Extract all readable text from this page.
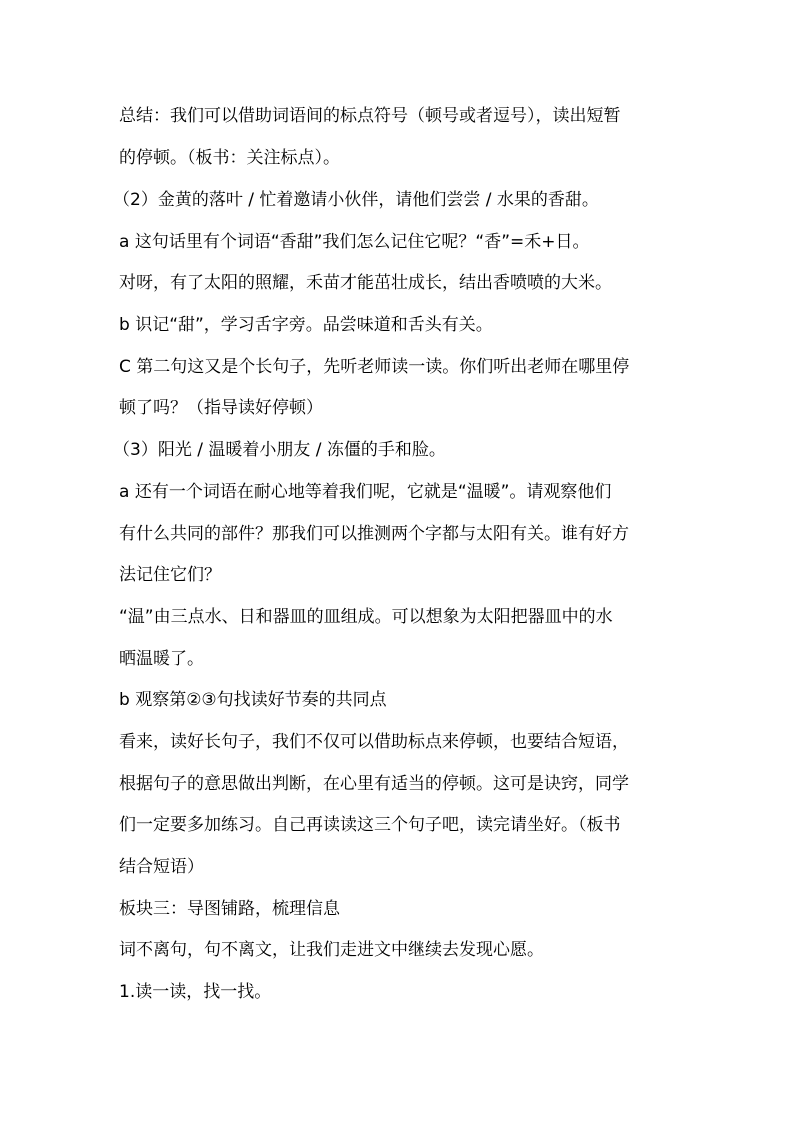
总结：我们可以借助词语间的标点符号（顿号或者逗号），读出短暂

的停顿。（板书：关注标点）。

（2）金黄的落叶 / 忙着邀请小伙伴，请他们尝尝 / 水果的香甜。

a 这句话里有个词语“香甜”我们怎么记住它呢？“香”=禾+日。

对呀，有了太阳的照耀，禾苗才能茁壮成长，结出香喷喷的大米。

b 识记“甜”，学习舌字旁。品尝味道和舌头有关。

C 第二句这又是个长句子，先听老师读一读。你们听出老师在哪里停

顿了吗？（指导读好停顿）

（3）阳光 / 温暖着小朋友 / 冻僵的手和脸。

a 还有一个词语在耐心地等着我们呢，它就是“温暖”。请观察他们

有什么共同的部件？那我们可以推测两个字都与太阳有关。谁有好方

法记住它们？

“温”由三点水、日和器皿的皿组成。可以想象为太阳把器皿中的水

晒温暖了。

b 观察第②③句找读好节奏的共同点

看来，读好长句子，我们不仅可以借助标点来停顿，也要结合短语，

根据句子的意思做出判断，在心里有适当的停顿。这可是诀窍，同学

们一定要多加练习。自己再读读这三个句子吧，读完请坐好。（板书

结合短语）

板块三：导图铺路，梳理信息

词不离句，句不离文，让我们走进文中继续去发现心愿。

1.读一读，找一找。
